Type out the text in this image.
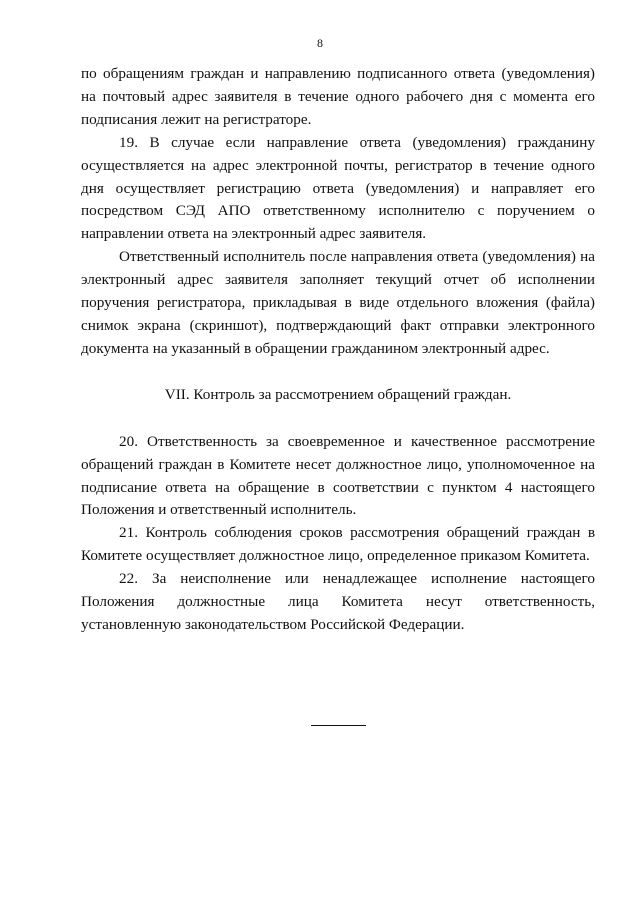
8

по обращениям граждан и направлению подписанного ответа (уведомления) на почтовый адрес заявителя в течение одного рабочего дня с момента его подписания лежит на регистраторе.

19. В случае если направление ответа (уведомления) гражданину осуществляется на адрес электронной почты, регистратор в течение одного дня осуществляет регистрацию ответа (уведомления) и направляет его посредством СЭД АПО ответственному исполнителю с поручением о направлении ответа на электронный адрес заявителя.

Ответственный исполнитель после направления ответа (уведомления) на электронный адрес заявителя заполняет текущий отчет об исполнении поручения регистратора, прикладывая в виде отдельного вложения (файла) снимок экрана (скриншот), подтверждающий факт отправки электронного документа на указанный в обращении гражданином электронный адрес.

VII. Контроль за рассмотрением обращений граждан.

20. Ответственность за своевременное и качественное рассмотрение обращений граждан в Комитете несет должностное лицо, уполномоченное на подписание ответа на обращение в соответствии с пунктом 4 настоящего Положения и ответственный исполнитель.

21. Контроль соблюдения сроков рассмотрения обращений граждан в Комитете осуществляет должностное лицо, определенное приказом Комитета.

22. За неисполнение или ненадлежащее исполнение настоящего Положения должностные лица Комитета несут ответственность, установленную законодательством Российской Федерации.
